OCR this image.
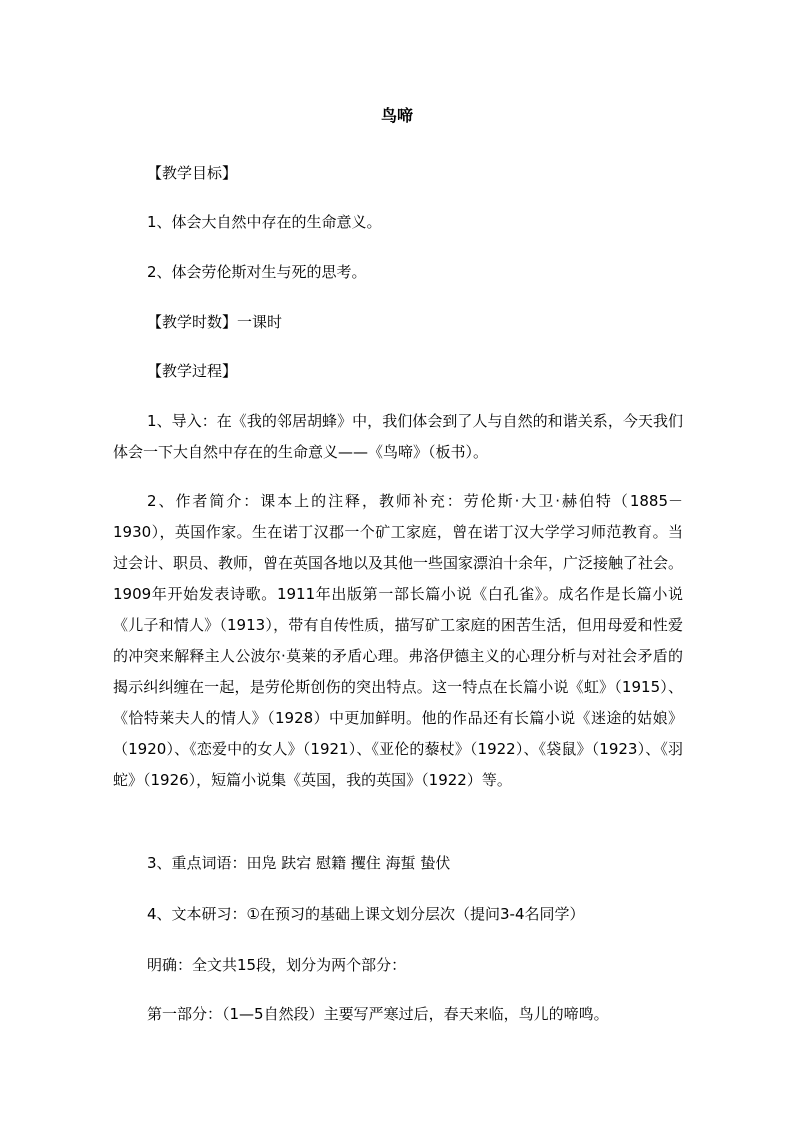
鸟啼
【教学目标】
1、体会大自然中存在的生命意义。
2、体会劳伦斯对生与死的思考。
【教学时数】一课时
【教学过程】
1、导入：在《我的邻居胡蜂》中，我们体会到了人与自然的和谐关系，今天我们体会一下大自然中存在的生命意义——《鸟啼》（板书）。
2、作者简介：课本上的注释，教师补充：劳伦斯·大卫·赫伯特（1885－1930），英国作家。生在诺丁汉郡一个矿工家庭，曾在诺丁汉大学学习师范教育。当过会计、职员、教师，曾在英国各地以及其他一些国家漂泊十余年，广泛接触了社会。1909年开始发表诗歌。1911年出版第一部长篇小说《白孔雀》。成名作是长篇小说《儿子和情人》（1913），带有自传性质，描写矿工家庭的困苦生活，但用母爱和性爱的冲突来解释主人公波尔·莫莱的矛盾心理。弗洛伊德主义的心理分析与对社会矛盾的揭示纠纠缠在一起，是劳伦斯创伤的突出特点。这一特点在长篇小说《虹》（1915）、《恰特莱夫人的情人》（1928）中更加鲜明。他的作品还有长篇小说《迷途的姑娘》（1920）、《恋爱中的女人》（1921）、《亚伦的藜杖》（1922）、《袋鼠》（1923）、《羽蛇》（1926），短篇小说集《英国，我的英国》（1922）等。
3、重点词语：田凫 趺宕 慰籍 攫住 海蜇 蛰伏
4、文本研习：①在预习的基础上课文划分层次（提问3-4名同学）
明确：全文共15段，划分为两个部分：
第一部分：（1—5自然段）主要写严寒过后，春天来临，鸟儿的啼鸣。
